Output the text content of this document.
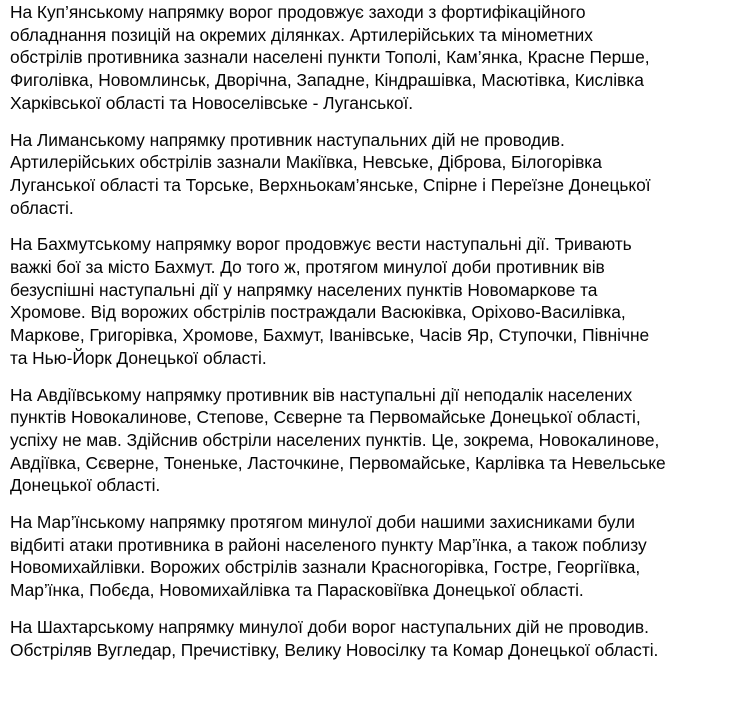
На Куп’янському напрямку ворог продовжує заходи з фортифікаційного
обладнання позицій на окремих ділянках. Артилерійських та мінометних
обстрілів противника зазнали населені пункти Тополі, Кам’янка, Красне Перше,
Фиголівка, Новомлинськ, Дворічна, Западне, Кіндрашівка, Масютівка, Кислівка
Харківської області та Новоселівське - Луганської.

На Лиманському напрямку противник наступальних дій не проводив.
Артилерійських обстрілів зазнали Макіївка, Невське, Діброва, Білогорівка
Луганської області та Торське, Верхньокам’янське, Спірне і Переїзне Донецької
області.

На Бахмутському напрямку ворог продовжує вести наступальні дії. Тривають
важкі бої за місто Бахмут. До того ж, протягом минулої доби противник вів
безуспішні наступальні дії у напрямку населених пунктів Новомаркове та
Хромове. Від ворожих обстрілів постраждали Васюківка, Оріхово-Василівка,
Маркове, Григорівка, Хромове, Бахмут, Іванівське, Часів Яр, Ступочки, Північне
та Нью-Йорк Донецької області.

На Авдіївському напрямку противник вів наступальні дії неподалік населених
пунктів Новокалинове, Степове, Сєверне та Первомайське Донецької області,
успіху не мав. Здійснив обстріли населених пунктів. Це, зокрема, Новокалинове,
Авдіївка, Сєверне, Тоненьке, Ласточкине, Первомайське, Карлівка та Невельське
Донецької області.

На Мар’їнському напрямку протягом минулої доби нашими захисниками були
відбиті атаки противника в районі населеного пункту Мар’їнка, а також поблизу
Новомихайлівки. Ворожих обстрілів зазнали Красногорівка, Гостре, Георгіївка,
Мар’їнка, Побєда, Новомихайлівка та Парасковіївка Донецької області.

На Шахтарському напрямку минулої доби ворог наступальних дій не проводив.
Обстріляв Вугледар, Пречистівку, Велику Новосілку та Комар Донецької області.
